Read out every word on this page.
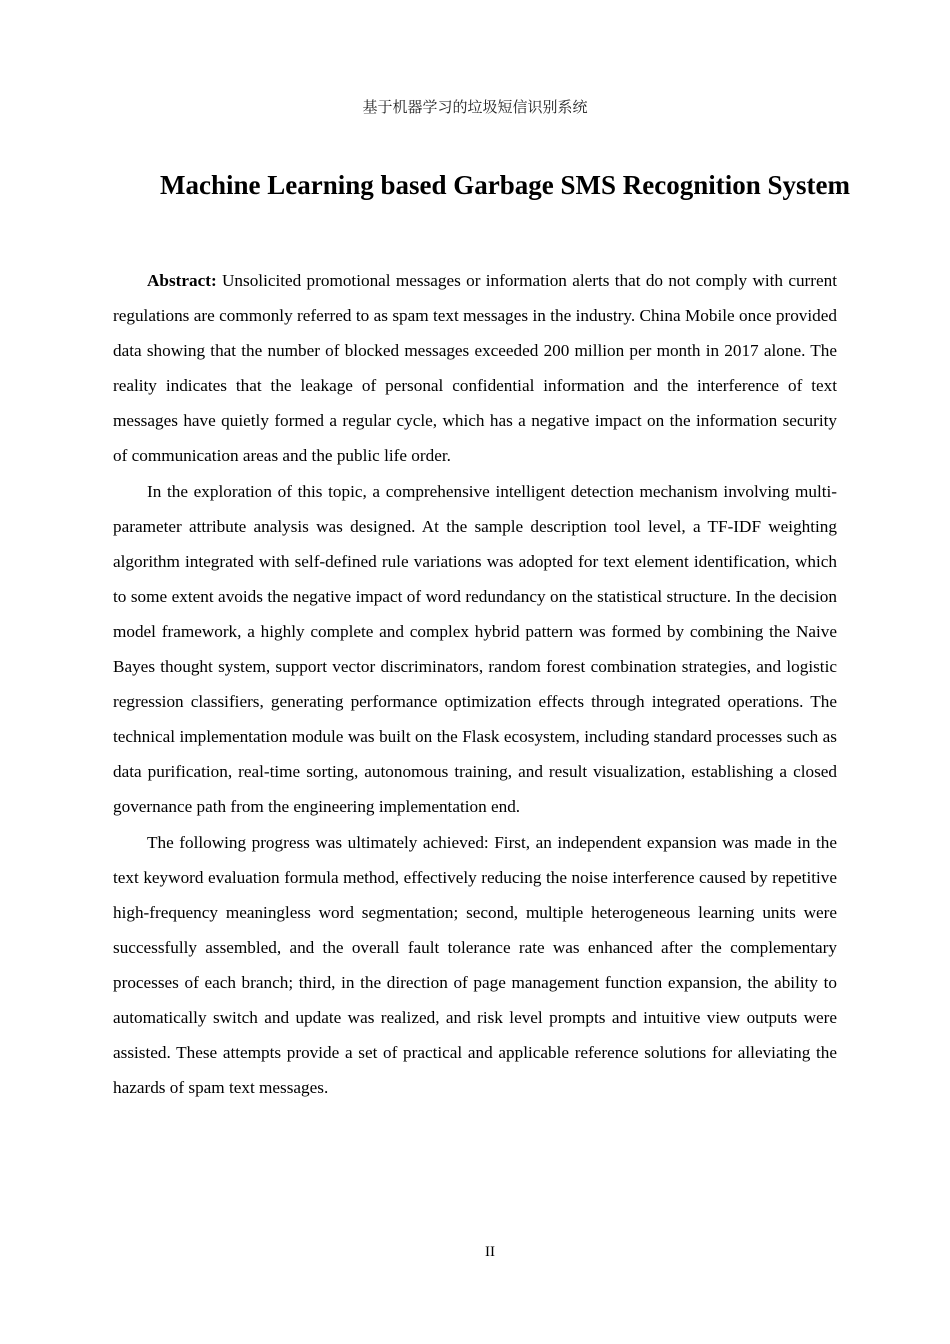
基于机器学习的垃圾短信识别系统
Machine Learning based Garbage SMS Recognition System

Abstract: Unsolicited promotional messages or information alerts that do not comply with current regulations are commonly referred to as spam text messages in the industry. China Mobile once provided data showing that the number of blocked messages exceeded 200 million per month in 2017 alone. The reality indicates that the leakage of personal confidential information and the interference of text messages have quietly formed a regular cycle, which has a negative impact on the information security of communication areas and the public life order.

In the exploration of this topic, a comprehensive intelligent detection mechanism involving multi-parameter attribute analysis was designed. At the sample description tool level, a TF-IDF weighting algorithm integrated with self-defined rule variations was adopted for text element identification, which to some extent avoids the negative impact of word redundancy on the statistical structure. In the decision model framework, a highly complete and complex hybrid pattern was formed by combining the Naive Bayes thought system, support vector discriminators, random forest combination strategies, and logistic regression classifiers, generating performance optimization effects through integrated operations. The technical implementation module was built on the Flask ecosystem, including standard processes such as data purification, real-time sorting, autonomous training, and result visualization, establishing a closed governance path from the engineering implementation end.

The following progress was ultimately achieved: First, an independent expansion was made in the text keyword evaluation formula method, effectively reducing the noise interference caused by repetitive high-frequency meaningless word segmentation; second, multiple heterogeneous learning units were successfully assembled, and the overall fault tolerance rate was enhanced after the complementary processes of each branch; third, in the direction of page management function expansion, the ability to automatically switch and update was realized, and risk level prompts and intuitive view outputs were assisted. These attempts provide a set of practical and applicable reference solutions for alleviating the hazards of spam text messages.

II
